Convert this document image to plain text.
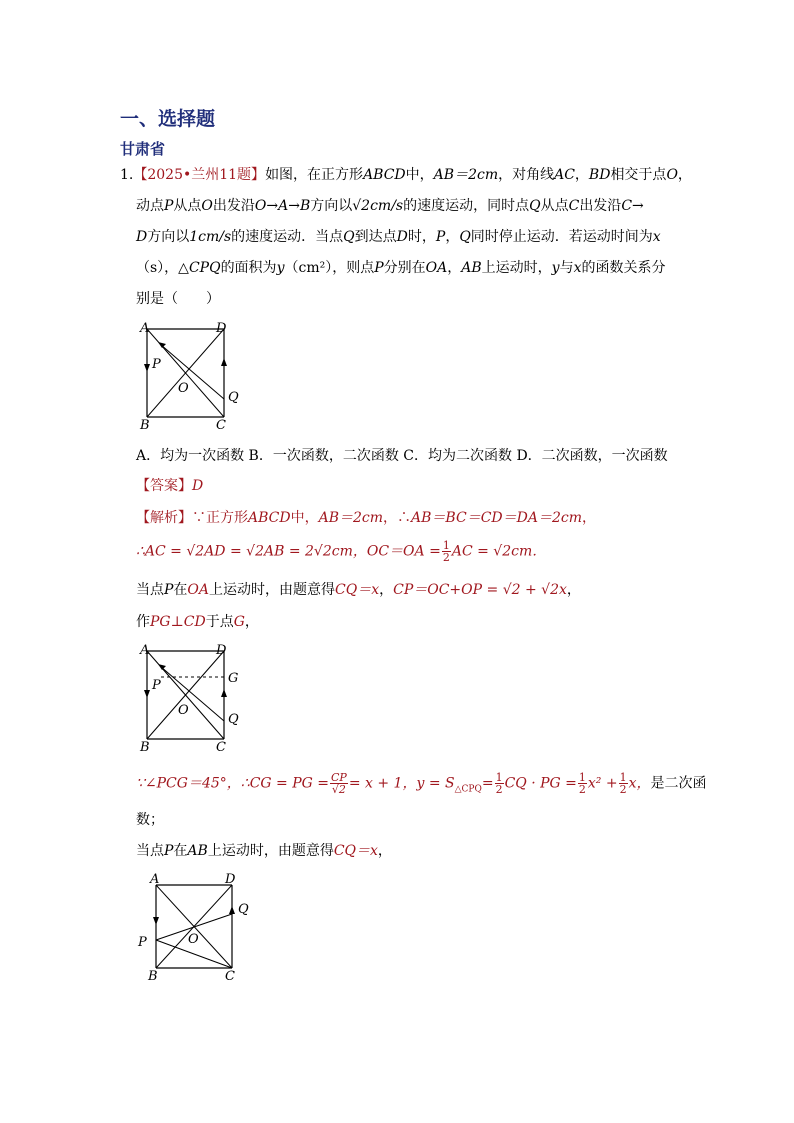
一、选择题
甘肃省
1.【2025•兰州11题】如图，在正方形ABCD中，AB＝2cm，对角线AC，BD相交于点O，
动点P从点O出发沿O→A→B方向以√2cm/s的速度运动，同时点Q从点C出发沿C→
D方向以1cm/s的速度运动．当点Q到达点D时，P，Q同时停止运动．若运动时间为x
（s），△CPQ的面积为y（cm²），则点P分别在OA，AB上运动时，y与x的函数关系分
别是（　　）
A	D
B	C
O
P
Q
A．均为一次函数 B．一次函数，二次函数 C．均为二次函数 D．二次函数，一次函数
【答案】D
【解析】∵正方形ABCD中，AB＝2cm，∴AB＝BC＝CD＝DA＝2cm，
∴AC = √2AD = √2AB = 2√2cm，$OC=OA = \frac{1}{2}$ AC = √2cm．
当点P在OA上运动时，由题意得CQ＝x，CP＝OC+OP = √2 + √2x，
作PG⊥CD于点G，
A	D
B	C
O
P	G
Q
∵∠PCG＝45°，∴CG = PG = $\frac{CP}{√2} = x + 1$，$y = S_{\triangle CPQ}= \frac{1}{2}$ CQ · PG = $\frac{1}{2} x^2 + \frac{1}{2}$ x，是二次函
数；
当点P在AB上运动时，由题意得CQ＝x，
A	D
B	C
O
P
Q
